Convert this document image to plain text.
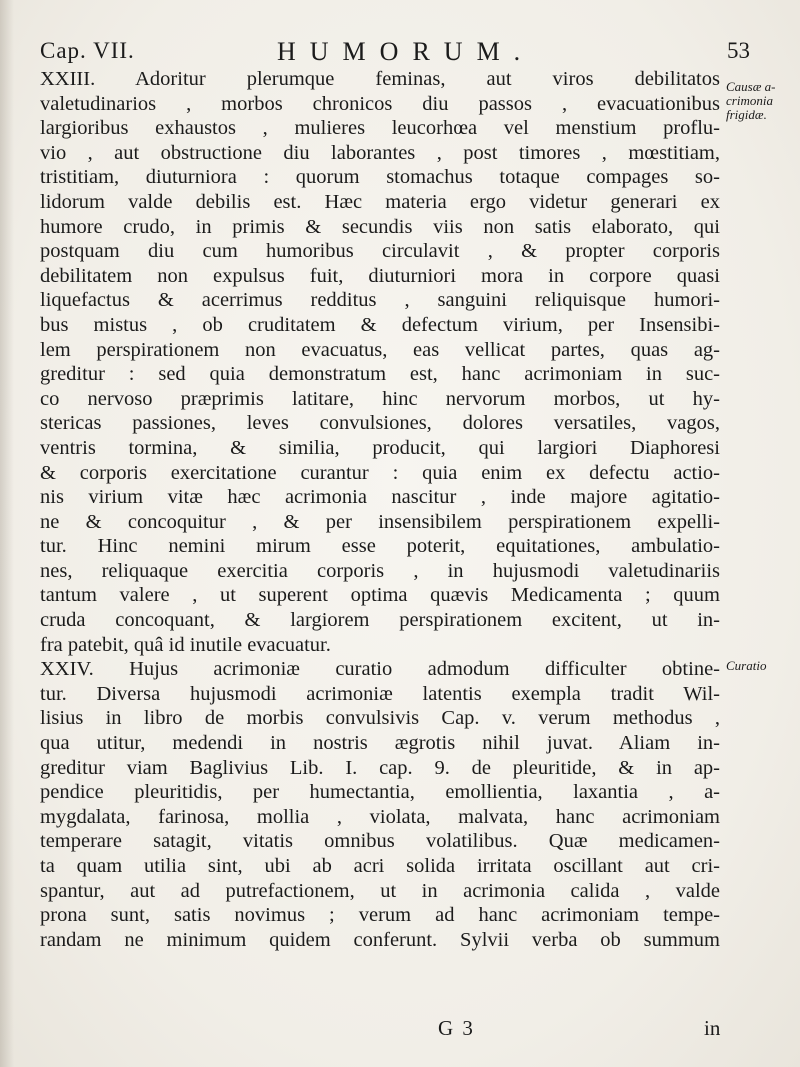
Cap. VII.	HUMORUM.	53
XXIII. Adoritur plerumque feminas, aut viros debilitatos
valetudinarios , morbos chronicos diu passos , evacuationibus
largioribus exhaustos , mulieres leucorhœa vel menstium proflu-
vio , aut obstructione diu laborantes , post timores , mœstitiam,
tristitiam, diuturniora : quorum stomachus totaque compages so-
lidorum valde debilis est. Hæc materia ergo videtur generari ex
humore crudo, in primis & secundis viis non satis elaborato, qui
postquam diu cum humoribus circulavit , & propter corporis
debilitatem non expulsus fuit, diuturniori mora in corpore quasi
liquefactus & acerrimus redditus , sanguini reliquisque humori-
bus mistus , ob cruditatem & defectum virium, per Insensibi-
lem perspirationem non evacuatus, eas vellicat partes, quas ag-
greditur : sed quia demonstratum est, hanc acrimoniam in suc-
co nervoso præprimis latitare, hinc nervorum morbos, ut hy-
stericas passiones, leves convulsiones, dolores versatiles, vagos,
ventris tormina, & similia, producit, qui largiori Diaphoresi
& corporis exercitatione curantur : quia enim ex defectu actio-
nis virium vitæ hæc acrimonia nascitur , inde majore agitatio-
ne & concoquitur , & per insensibilem perspirationem expelli-
tur. Hinc nemini mirum esse poterit, equitationes, ambulatio-
nes, reliquaque exercitia corporis , in hujusmodi valetudinariis
tantum valere , ut superent optima quævis Medicamenta ; quum
cruda concoquant, & largiorem perspirationem excitent, ut in-
fra patebit, quâ id inutile evacuatur.
XXIV. Hujus acrimoniæ curatio admodum difficulter obtine-
tur. Diversa hujusmodi acrimoniæ latentis exempla tradit Wil-
lisius in libro de morbis convulsivis Cap. v. verum methodus ,
qua utitur, medendi in nostris ægrotis nihil juvat. Aliam in-
greditur viam Baglivius Lib. I. cap. 9. de pleuritide, & in ap-
pendice pleuritidis, per humectantia, emollientia, laxantia , a-
mygdalata, farinosa, mollia , violata, malvata, hanc acrimoniam
temperare satagit, vitatis omnibus volatilibus. Quæ medicamen-
ta quam utilia sint, ubi ab acri solida irritata oscillant aut cri-
spantur, aut ad putrefactionem, ut in acrimonia calida , valde
prona sunt, satis novimus ; verum ad hanc acrimoniam tempe-
randam ne minimum quidem conferunt. Sylvii verba ob summum
Causæ a-
crimonia
frigidæ.
Curatio
G 3	in
